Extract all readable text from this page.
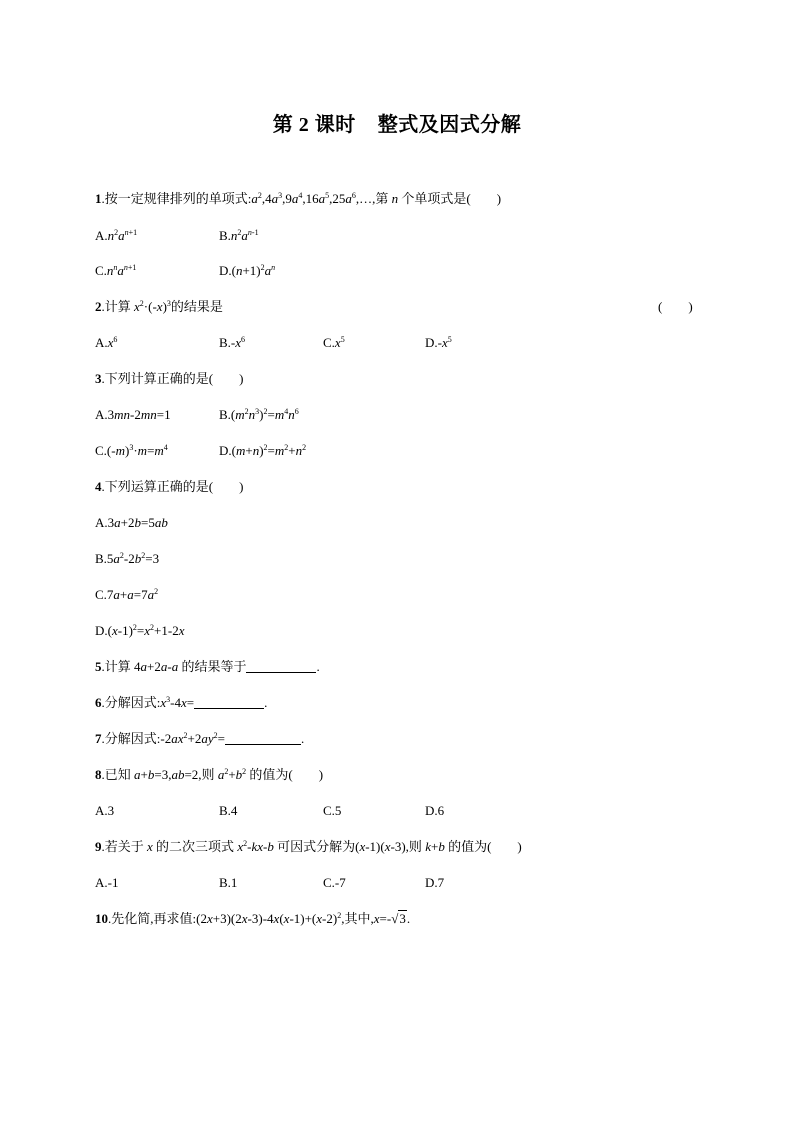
第 2 课时    整式及因式分解
1.按一定规律排列的单项式$:a^2,4a^3,9a^4,16a^5,25a^6,\dots$,第 n 个单项式是(　　)
$A.n^2a^{n+1}$	$B.n^2a^{n-1}$
$C.n^na^{n+1}$	$D.(n+1)^2a^n$
2.计算 $x^2\cdot(-x)^3$的结果是	(　　)
$A.x^6$	$B.-x^6$	$C.x^5$	$D.-x^5$
3.下列计算正确的是(　　)
A.3mn-2mn=1	$B.(m^2n^3)^2=m^4n^6$
$C.(-m)^3\cdot m=m^4$	$D.(m+n)^2=m^2+n^2$
4.下列运算正确的是(　　)
A.3a+2b=5ab
$B.5a^2-2b^2=3$
$C.7a+a=7a^2$
$D.(x-1)^2=x^2+1-2x$
5.计算 4a+2a-a 的结果等于	.
6.分解因式$:x^3-4x=$	.
7.分解因式$:-2ax^2+2ay^2=$	.
8.已知 a+b=3,ab=2,则 $a^2+b^2$ 的值为(　　)
A.3	B.4	C.5	D.6
9.若关于 x 的二次三项式 $x^2-kx-b$ 可因式分解为(x-1)(x-3),则 k+b 的值为(　　)
A.-1	B.1	C.-7	D.7
10.先化简,再求值$:(2x+3)(2x-3)-4x(x-1)+(x-2)^2$,其中,x=-√3.
